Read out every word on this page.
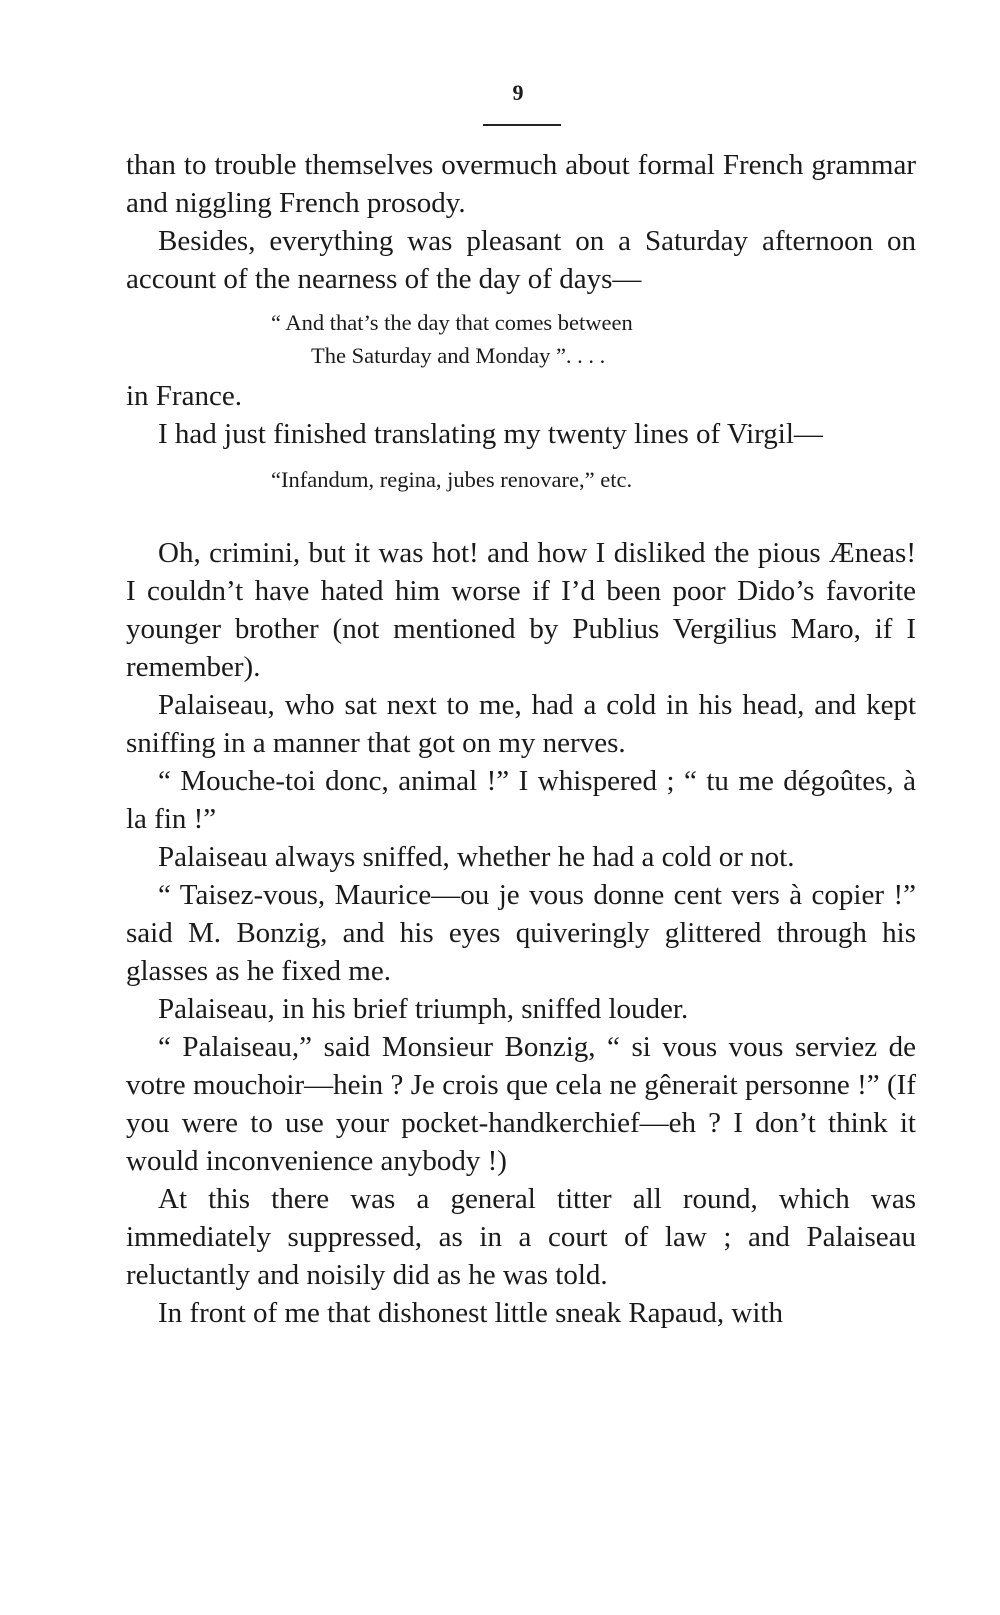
9

than to trouble themselves overmuch about formal French grammar and niggling French prosody.

Besides, everything was pleasant on a Saturday afternoon on account of the nearness of the day of days—

“ And that’s the day that comes between
The Saturday and Monday ”. . . .

in France.

I had just finished translating my twenty lines of Virgil—

“Infandum, regina, jubes renovare,” etc.

Oh, crimini, but it was hot! and how I disliked the pious Æneas! I couldn’t have hated him worse if I’d been poor Dido’s favorite younger brother (not mentioned by Publius Vergilius Maro, if I remember).

Palaiseau, who sat next to me, had a cold in his head, and kept sniffing in a manner that got on my nerves.

“ Mouche-toi donc, animal !” I whispered ; “ tu me dégoûtes, à la fin !”

Palaiseau always sniffed, whether he had a cold or not.

“ Taisez-vous, Maurice—ou je vous donne cent vers à copier !” said M. Bonzig, and his eyes quiveringly glittered through his glasses as he fixed me.

Palaiseau, in his brief triumph, sniffed louder.

“ Palaiseau,” said Monsieur Bonzig, “ si vous vous serviez de votre mouchoir—hein ? Je crois que cela ne gênerait personne !” (If you were to use your pocket-handkerchief—eh ? I don’t think it would inconvenience anybody !)

At this there was a general titter all round, which was immediately suppressed, as in a court of law ; and Palaiseau reluctantly and noisily did as he was told.

In front of me that dishonest little sneak Rapaud, with
